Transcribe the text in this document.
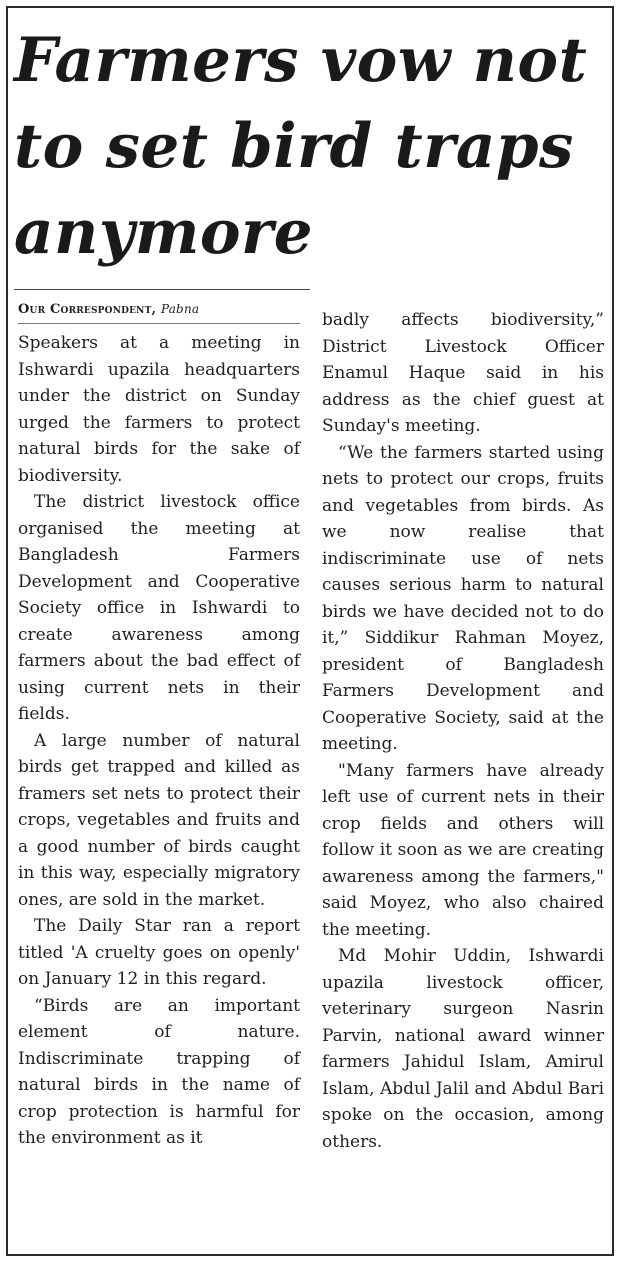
Farmers vow not to set bird traps anymore
Our Correspondent, Pabna

Speakers at a meeting in Ishwardi upazila headquarters under the district on Sunday urged the farmers to protect natural birds for the sake of biodiversity.

The district livestock office organised the meeting at Bangladesh Farmers Development and Cooperative Society office in Ishwardi to create awareness among farmers about the bad effect of using current nets in their fields.

A large number of natural birds get trapped and killed as framers set nets to protect their crops, vegetables and fruits and a good number of birds caught in this way, especially migratory ones, are sold in the market.

The Daily Star ran a report titled 'A cruelty goes on openly' on January 12 in this regard.

“Birds are an important element of nature. Indiscriminate trapping of natural birds in the name of crop protection is harmful for the environment as it

badly affects biodiversity,” District Livestock Officer Enamul Haque said in his address as the chief guest at Sunday's meeting.

“We the farmers started using nets to protect our crops, fruits and vegetables from birds. As we now realise that indiscriminate use of nets causes serious harm to natural birds we have decided not to do it,” Siddikur Rahman Moyez, president of Bangladesh Farmers Development and Cooperative Society, said at the meeting.

"Many farmers have already left use of current nets in their crop fields and others will follow it soon as we are creating awareness among the farmers," said Moyez, who also chaired the meeting.

Md Mohir Uddin, Ishwardi upazila livestock officer, veterinary surgeon Nasrin Parvin, national award winner farmers Jahidul Islam, Amirul Islam, Abdul Jalil and Abdul Bari spoke on the occasion, among others.
